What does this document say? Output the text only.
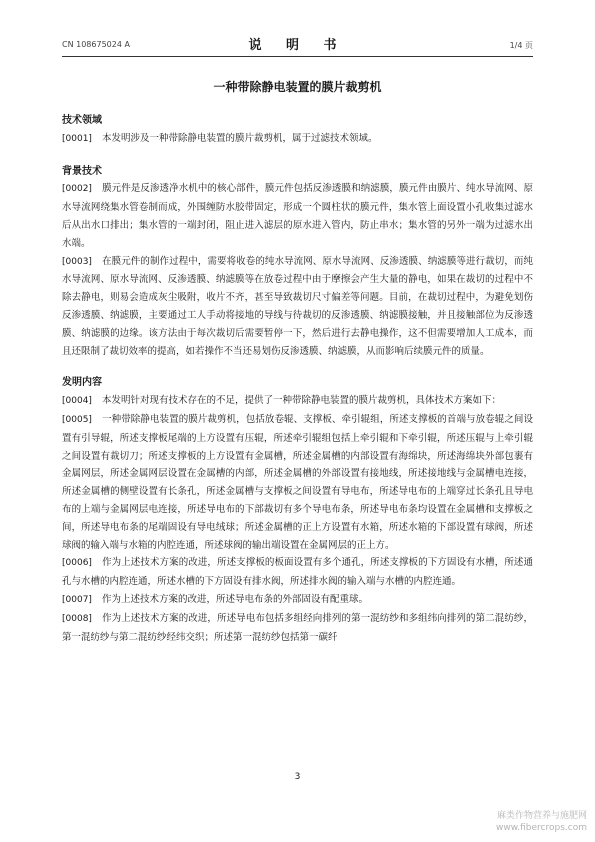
CN 108675024 A	说 明 书	1/4 页
一种带除静电装置的膜片裁剪机
技术领域
[0001] 本发明涉及一种带除静电装置的膜片裁剪机，属于过滤技术领域。
背景技术
[0002] 膜元件是反渗透净水机中的核心部件，膜元件包括反渗透膜和纳滤膜，膜元件由膜片、纯水导流网、原水导流网绕集水管卷制而成，外围缠防水胶带固定，形成一个圆柱状的膜元件，集水管上面设置小孔收集过滤水后从出水口排出；集水管的一端封闭，阻止进入滤层的原水进入管内，防止串水；集水管的另外一端为过滤水出水端。
[0003] 在膜元件的制作过程中，需要将收卷的纯水导流网、原水导流网、反渗透膜、纳滤膜等进行裁切，而纯水导流网、原水导流网、反渗透膜、纳滤膜等在放卷过程中由于摩擦会产生大量的静电，如果在裁切的过程中不除去静电，则易会造成灰尘吸附，收片不齐，甚至导致裁切尺寸偏差等问题。目前，在裁切过程中，为避免划伤反渗透膜、纳滤膜，主要通过工人手动将接地的导线与待裁切的反渗透膜、纳滤膜接触，并且接触部位为反渗透膜、纳滤膜的边缘。该方法由于每次裁切后需要暂停一下，然后进行去静电操作，这不但需要增加人工成本，而且还限制了裁切效率的提高，如若操作不当还易划伤反渗透膜、纳滤膜，从而影响后续膜元件的质量。
发明内容
[0004] 本发明针对现有技术存在的不足，提供了一种带除静电装置的膜片裁剪机，具体技术方案如下：
[0005] 一种带除静电装置的膜片裁剪机，包括放卷辊、支撑板、牵引辊组，所述支撑板的首端与放卷辊之间设置有引导辊，所述支撑板尾端的上方设置有压辊，所述牵引辊组包括上牵引辊和下牵引辊，所述压辊与上牵引辊之间设置有裁切刀；所述支撑板的上方设置有金属槽，所述金属槽的内部设置有海绵块，所述海绵块外部包裹有金属网层，所述金属网层设置在金属槽的内部，所述金属槽的外部设置有接地线，所述接地线与金属槽电连接，所述金属槽的侧壁设置有长条孔，所述金属槽与支撑板之间设置有导电布，所述导电布的上端穿过长条孔且导电布的上端与金属网层电连接，所述导电布的下部裁切有多个导电布条，所述导电布条均设置在金属槽和支撑板之间，所述导电布条的尾端固设有导电绒球；所述金属槽的正上方设置有水箱，所述水箱的下部设置有球阀，所述球阀的输入端与水箱的内腔连通，所述球阀的输出端设置在金属网层的正上方。
[0006] 作为上述技术方案的改进，所述支撑板的板面设置有多个通孔，所述支撑板的下方固设有水槽，所述通孔与水槽的内腔连通，所述水槽的下方固设有排水阀，所述排水阀的输入端与水槽的内腔连通。
[0007] 作为上述技术方案的改进，所述导电布条的外部固设有配重球。
[0008] 作为上述技术方案的改进，所述导电布包括多组经向排列的第一混纺纱和多组纬向排列的第二混纺纱，第一混纺纱与第二混纺纱经纬交织；所述第一混纺纱包括第一碳纤
3
麻类作物营养与施肥网
www.fibercrops.com
